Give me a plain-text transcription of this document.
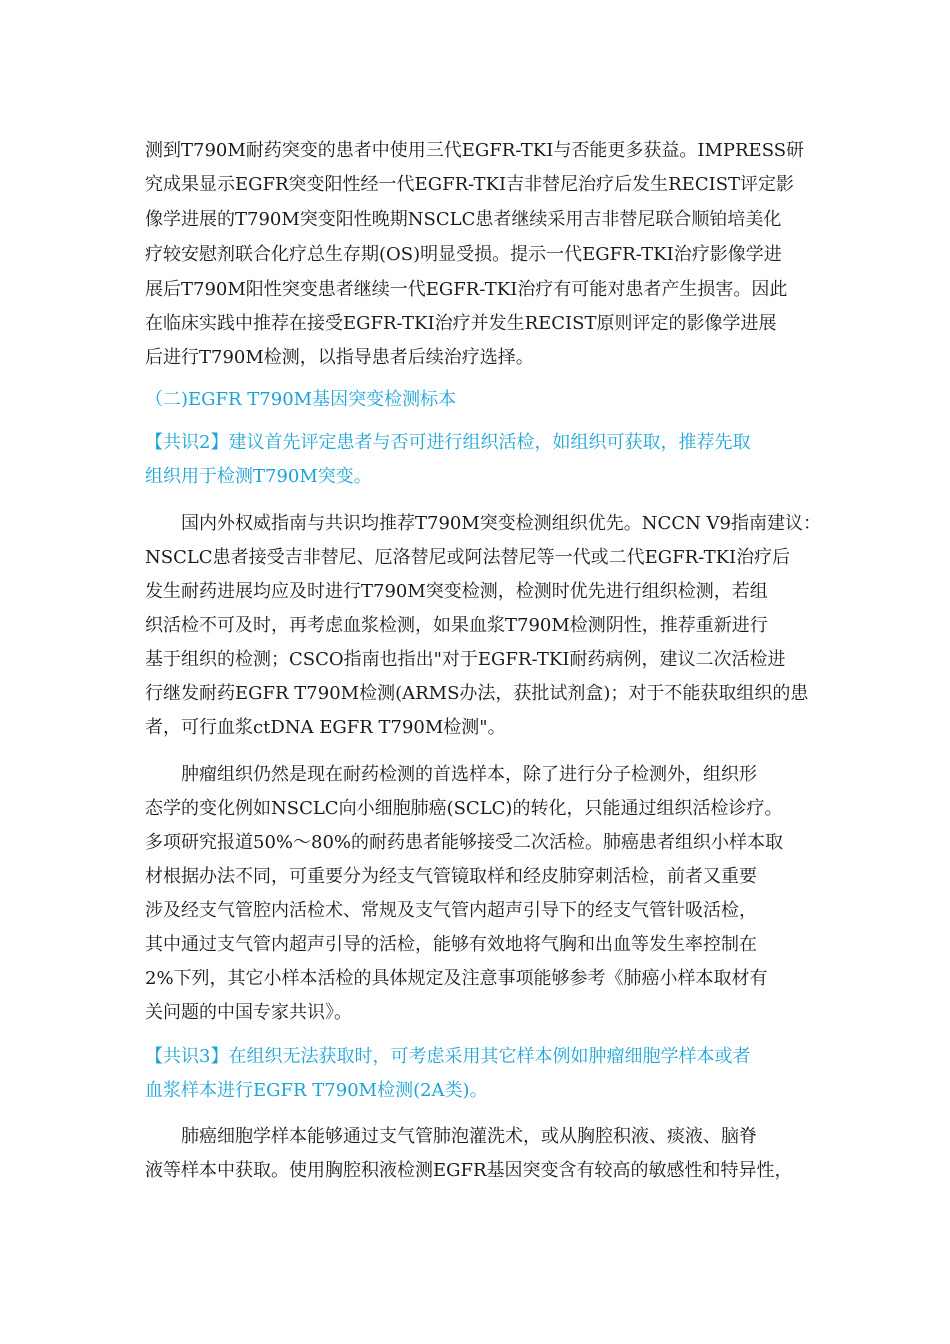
测到T790M耐药突变的患者中使用三代EGFR-TKI与否能更多获益。IMPRESS研
究成果显示EGFR突变阳性经一代EGFR-TKI吉非替尼治疗后发生RECIST评定影
像学进展的T790M突变阳性晚期NSCLC患者继续采用吉非替尼联合顺铂培美化
疗较安慰剂联合化疗总生存期(OS)明显受损。提示一代EGFR-TKI治疗影像学进
展后T790M阳性突变患者继续一代EGFR-TKI治疗有可能对患者产生损害。因此
在临床实践中推荐在接受EGFR-TKI治疗并发生RECIST原则评定的影像学进展
后进行T790M检测，以指导患者后续治疗选择。
（二)EGFR T790M基因突变检测标本
【共识2】建议首先评定患者与否可进行组织活检，如组织可获取，推荐先取
组织用于检测T790M突变。
国内外权威指南与共识均推荐T790M突变检测组织优先。NCCN V9指南建议：
NSCLC患者接受吉非替尼、厄洛替尼或阿法替尼等一代或二代EGFR-TKI治疗后
发生耐药进展均应及时进行T790M突变检测，检测时优先进行组织检测，若组
织活检不可及时，再考虑血浆检测，如果血浆T790M检测阴性，推荐重新进行
基于组织的检测；CSCO指南也指出"对于EGFR-TKI耐药病例，建议二次活检进
行继发耐药EGFR T790M检测(ARMS办法，获批试剂盒)；对于不能获取组织的患
者，可行血浆ctDNA EGFR T790M检测"。
肿瘤组织仍然是现在耐药检测的首选样本，除了进行分子检测外，组织形
态学的变化例如NSCLC向小细胞肺癌(SCLC)的转化，只能通过组织活检诊疗。
多项研究报道50%～80%的耐药患者能够接受二次活检。肺癌患者组织小样本取
材根据办法不同，可重要分为经支气管镜取样和经皮肺穿刺活检，前者又重要
涉及经支气管腔内活检术、常规及支气管内超声引导下的经支气管针吸活检，
其中通过支气管内超声引导的活检，能够有效地将气胸和出血等发生率控制在
2%下列，其它小样本活检的具体规定及注意事项能够参考《肺癌小样本取材有
关问题的中国专家共识》。
【共识3】在组织无法获取时，可考虑采用其它样本例如肿瘤细胞学样本或者
血浆样本进行EGFR T790M检测(2A类)。
肺癌细胞学样本能够通过支气管肺泡灌洗术，或从胸腔积液、痰液、脑脊
液等样本中获取。使用胸腔积液检测EGFR基因突变含有较高的敏感性和特异性，
